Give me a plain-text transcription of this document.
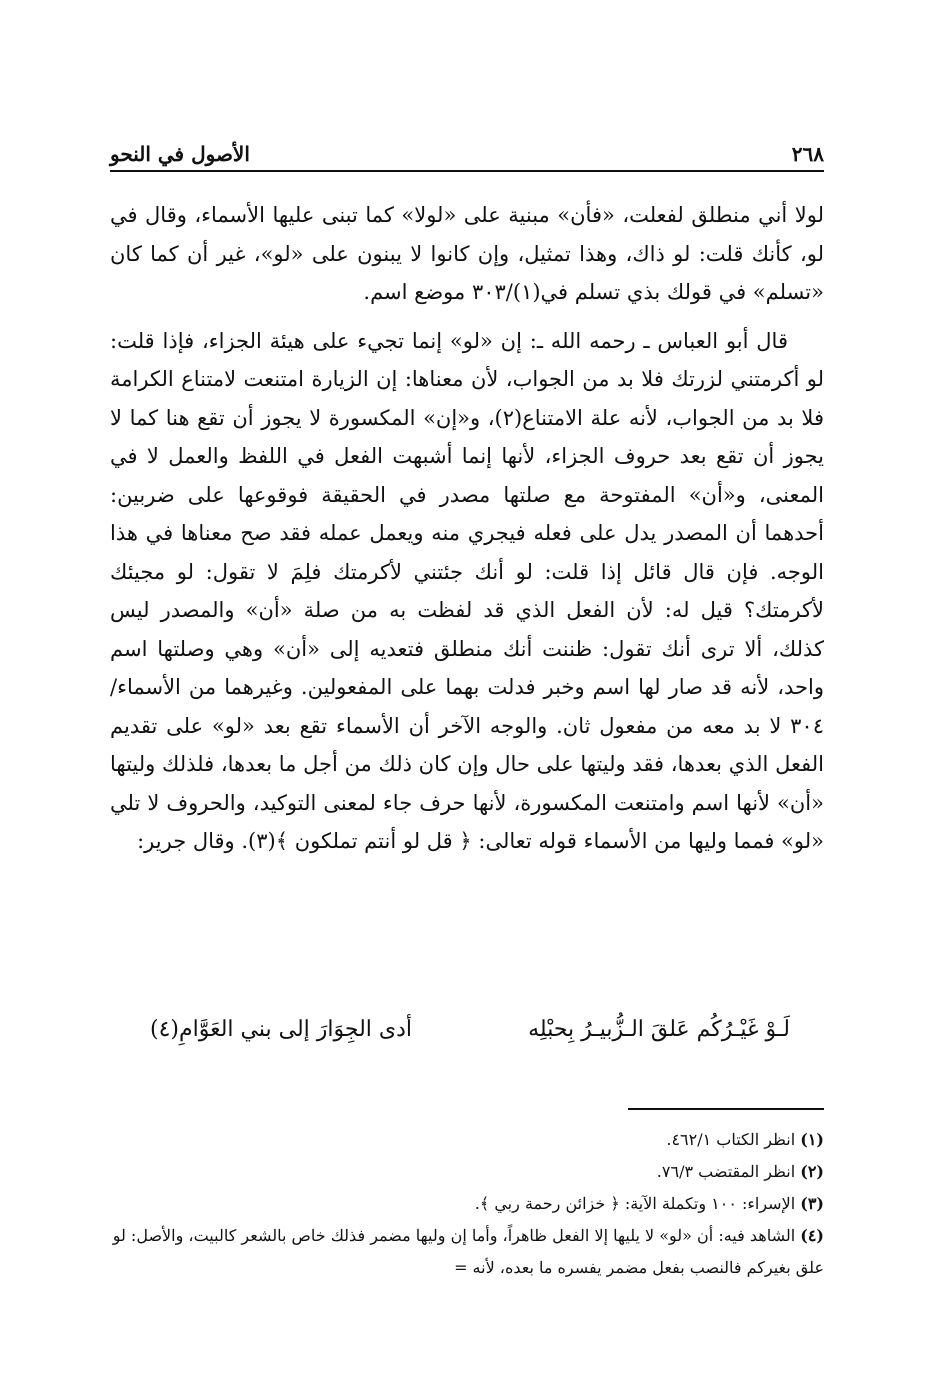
٢٦٨
الأصول في النحو

لولا أني منطلق لفعلت، «فأن» مبنية على «لولا» كما تبنى عليها الأسماء، وقال في لو، كأنك قلت: لو ذاك، وهذا تمثيل، وإن كانوا لا يبنون على «لو»، غير أن كما كان «تسلم» في قولك بذي تسلم في(١)/٣٠٣ موضع اسم.

قال أبو العباس ـ رحمه الله ـ: إن «لو» إنما تجيء على هيئة الجزاء، فإذا قلت: لو أكرمتني لزرتك فلا بد من الجواب، لأن معناها: إن الزيارة امتنعت لامتناع الكرامة فلا بد من الجواب، لأنه علة الامتناع(٢)، و«إن» المكسورة لا يجوز أن تقع هنا كما لا يجوز أن تقع بعد حروف الجزاء، لأنها إنما أشبهت الفعل في اللفظ والعمل لا في المعنى، و«أن» المفتوحة مع صلتها مصدر في الحقيقة فوقوعها على ضربين: أحدهما أن المصدر يدل على فعله فيجري منه ويعمل عمله فقد صح معناها في هذا الوجه. فإن قال قائل إذا قلت: لو أنك جئتني لأكرمتك فلِمَ لا تقول: لو مجيئك لأكرمتك؟ قيل له: لأن الفعل الذي قد لفظت به من صلة «أن» والمصدر ليس كذلك، ألا ترى أنك تقول: ظننت أنك منطلق فتعديه إلى «أن» وهي وصلتها اسم واحد، لأنه قد صار لها اسم وخبر فدلت بهما على المفعولين. وغيرهما من الأسماء/٣٠٤ لا بد معه من مفعول ثان. والوجه الآخر أن الأسماء تقع بعد «لو» على تقديم الفعل الذي بعدها، فقد وليتها على حال وإن كان ذلك من أجل ما بعدها، فلذلك وليتها «أن» لأنها اسم وامتنعت المكسورة، لأنها حرف جاء لمعنى التوكيد، والحروف لا تلي «لو» فمما وليها من الأسماء قوله تعالى: ﴿ قل لو أنتم تملكون ﴾(٣). وقال جرير:

لَـوْ غَيْـرُكُم عَلقَ الـزُّبيـرُ بِحبْلِه
أدى الجِوَارَ إلى بني العَوَّامِ(٤)

(١) انظر الكتاب ٤٦٢/١.

(٢) انظر المقتضب ٧٦/٣.

(٣) الإسراء: ١٠٠ وتكملة الآية: ﴿ خزائن رحمة ربي ﴾.

(٤) الشاهد فيه: أن «لو» لا يليها إلا الفعل ظاهراً، وأما إن وليها مضمر فذلك خاص بالشعر كالبيت، والأصل: لو علق بغيركم فالنصب بفعل مضمر يفسره ما بعده، لأنه =
